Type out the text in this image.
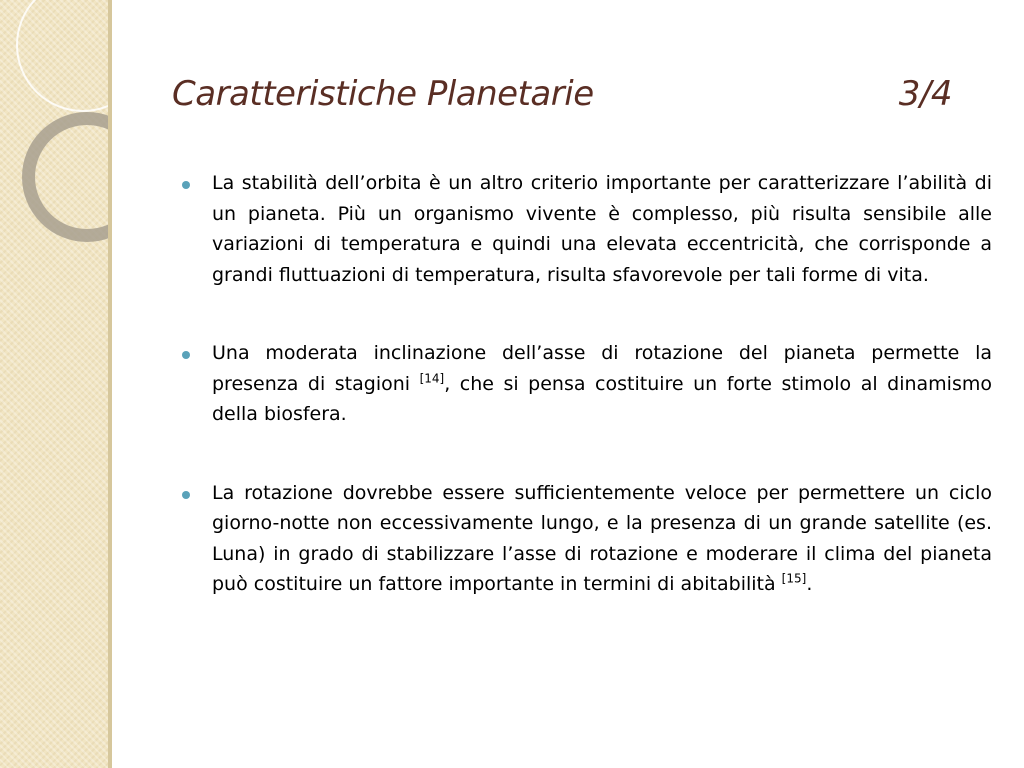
Caratteristiche Planetarie	3/4
La stabilità dell’orbita è un altro criterio importante per caratterizzare l’abilità di un pianeta. Più un organismo vivente è complesso, più risulta sensibile alle variazioni di temperatura e quindi una elevata eccentricità, che corrisponde a grandi fluttuazioni di temperatura, risulta sfavorevole per tali forme di vita.
Una moderata inclinazione dell’asse di rotazione del pianeta permette la presenza di stagioni [14], che si pensa costituire un forte stimolo al dinamismo della biosfera.
La rotazione dovrebbe essere sufficientemente veloce per permettere un ciclo giorno-notte non eccessivamente lungo, e la presenza di un grande satellite (es. Luna) in grado di stabilizzare l’asse di rotazione e moderare il clima del pianeta può costituire un fattore importante in termini di abitabilità [15].
